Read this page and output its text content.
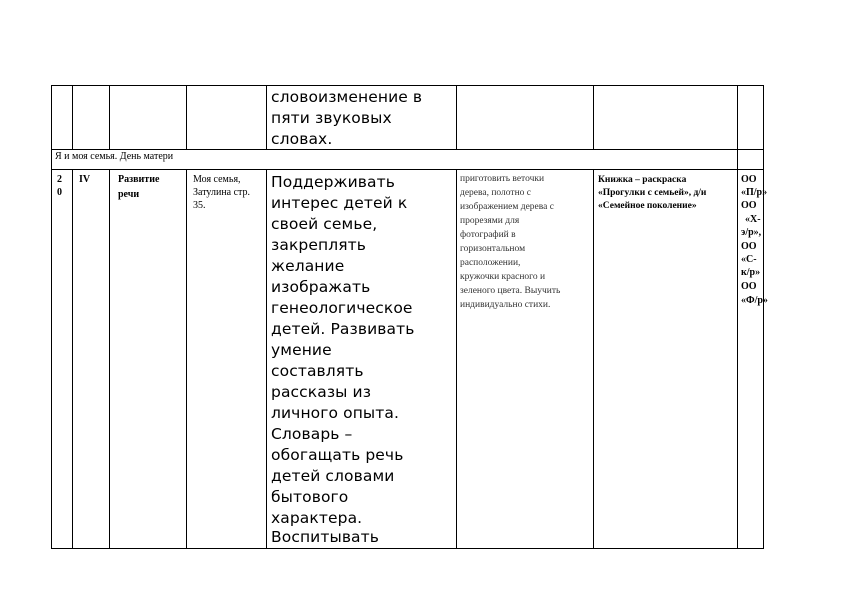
словоизменение в
пяти звуковых
словах.
Я и моя семья. День матери
2
0
IV	Развитие
речи
Моя семья,
Затулина стр.
35.
Поддерживать
интерес детей к
своей семье,
закреплять
желание
изображать
генеологическое
детей. Развивать
умение
составлять
рассказы из
личного опыта.
Словарь –
обогащать речь
детей словами
бытового
характера.
Воспитывать
приготовить веточки
дерева, полотно с
изображением дерева с
прорезями для
фотографий в
горизонтальном
расположении,
кружочки красного и
зеленого цвета. Выучить
индивидуально стихи.
Книжка – раскраска
«Прогулки с семьей», д/и
«Семейное поколение»
ОО
«П/р»
ОО
«Х-
э/р»,
ОО
«С-
к/р»
ОО
«Ф/р»
